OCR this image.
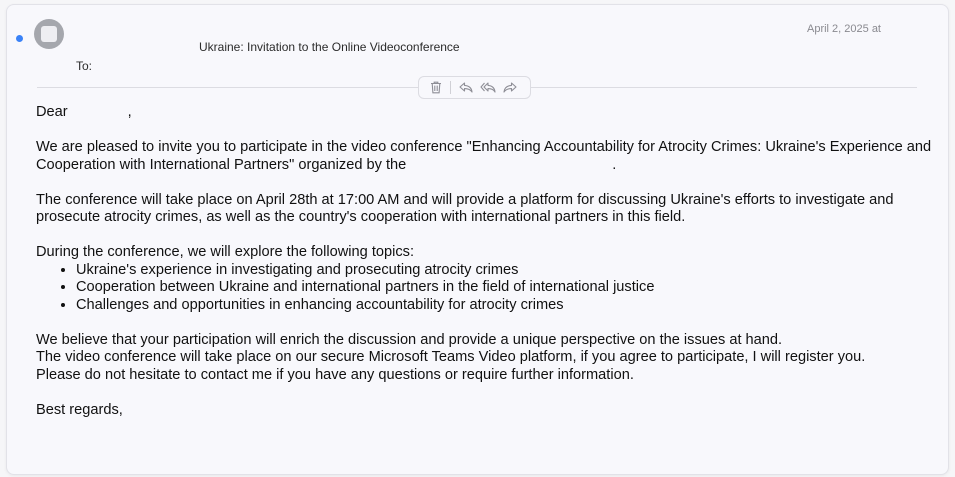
Ukraine: Invitation to the Online Videoconference
April 2, 2025 at
To:

Dear	,

We are pleased to invite you to participate in the video conference "Enhancing Accountability for Atrocity Crimes: Ukraine's Experience and Cooperation with International Partners" organized by the	.

The conference will take place on April 28th at 17:00 AM and will provide a platform for discussing Ukraine's efforts to investigate and prosecute atrocity crimes, as well as the country's cooperation with international partners in this field.

During the conference, we will explore the following topics:

• Ukraine's experience in investigating and prosecuting atrocity crimes
• Cooperation between Ukraine and international partners in the field of international justice
• Challenges and opportunities in enhancing accountability for atrocity crimes

We believe that your participation will enrich the discussion and provide a unique perspective on the issues at hand.

The video conference will take place on our secure Microsoft Teams Video platform, if you agree to participate, I will register you.

Please do not hesitate to contact me if you have any questions or require further information.

Best regards,
